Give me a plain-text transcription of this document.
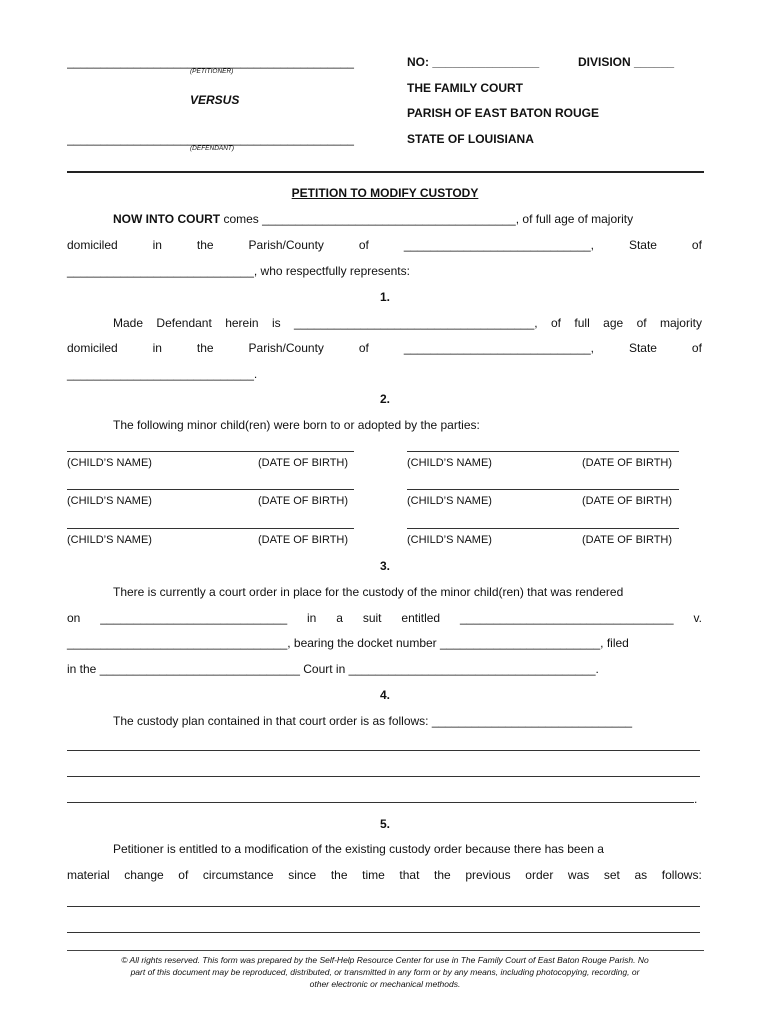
___________________________________________
(PETITIONER)
VERSUS
___________________________________________
(DEFENDANT)
NO: ________________	DIVISION ______
THE FAMILY COURT
PARISH OF EAST BATON ROUGE
STATE OF LOUISIANA
PETITION TO MODIFY CUSTODY
NOW INTO COURT comes ______________________________________, of full age of majority
domiciled	in	the	Parish/County	of	____________________________,	State	of
____________________________, who respectfully represents:
1.
Made Defendant herein is ____________________________________, of full age of majority
domiciled	in	the	Parish/County	of	____________________________,	State	of
____________________________.
2.
The following minor child(ren) were born to or adopted by the parties:
(CHILD’S NAME)	(DATE OF BIRTH)	(CHILD’S NAME)	(DATE OF BIRTH)
(CHILD’S NAME)	(DATE OF BIRTH)	(CHILD’S NAME)	(DATE OF BIRTH)
(CHILD’S NAME)	(DATE OF BIRTH)	(CHILD’S NAME)	(DATE OF BIRTH)
3.
There is currently a court order in place for the custody of the minor child(ren) that was rendered
on ____________________________ in a suit entitled ________________________________ v.
_________________________________, bearing the docket number ________________________, filed
in the ______________________________ Court in _____________________________________.
4.
The custody plan contained in that court order is as follows: ______________________________
.
5.
Petitioner is entitled to a modification of the existing custody order because there has been a
material change of circumstance since the time that the previous order was set as follows:
© All rights reserved. This form was prepared by the Self-Help Resource Center for use in The Family Court of East Baton Rouge Parish. No
part of this document may be reproduced, distributed, or transmitted in any form or by any means, including photocopying, recording, or
other electronic or mechanical methods.
